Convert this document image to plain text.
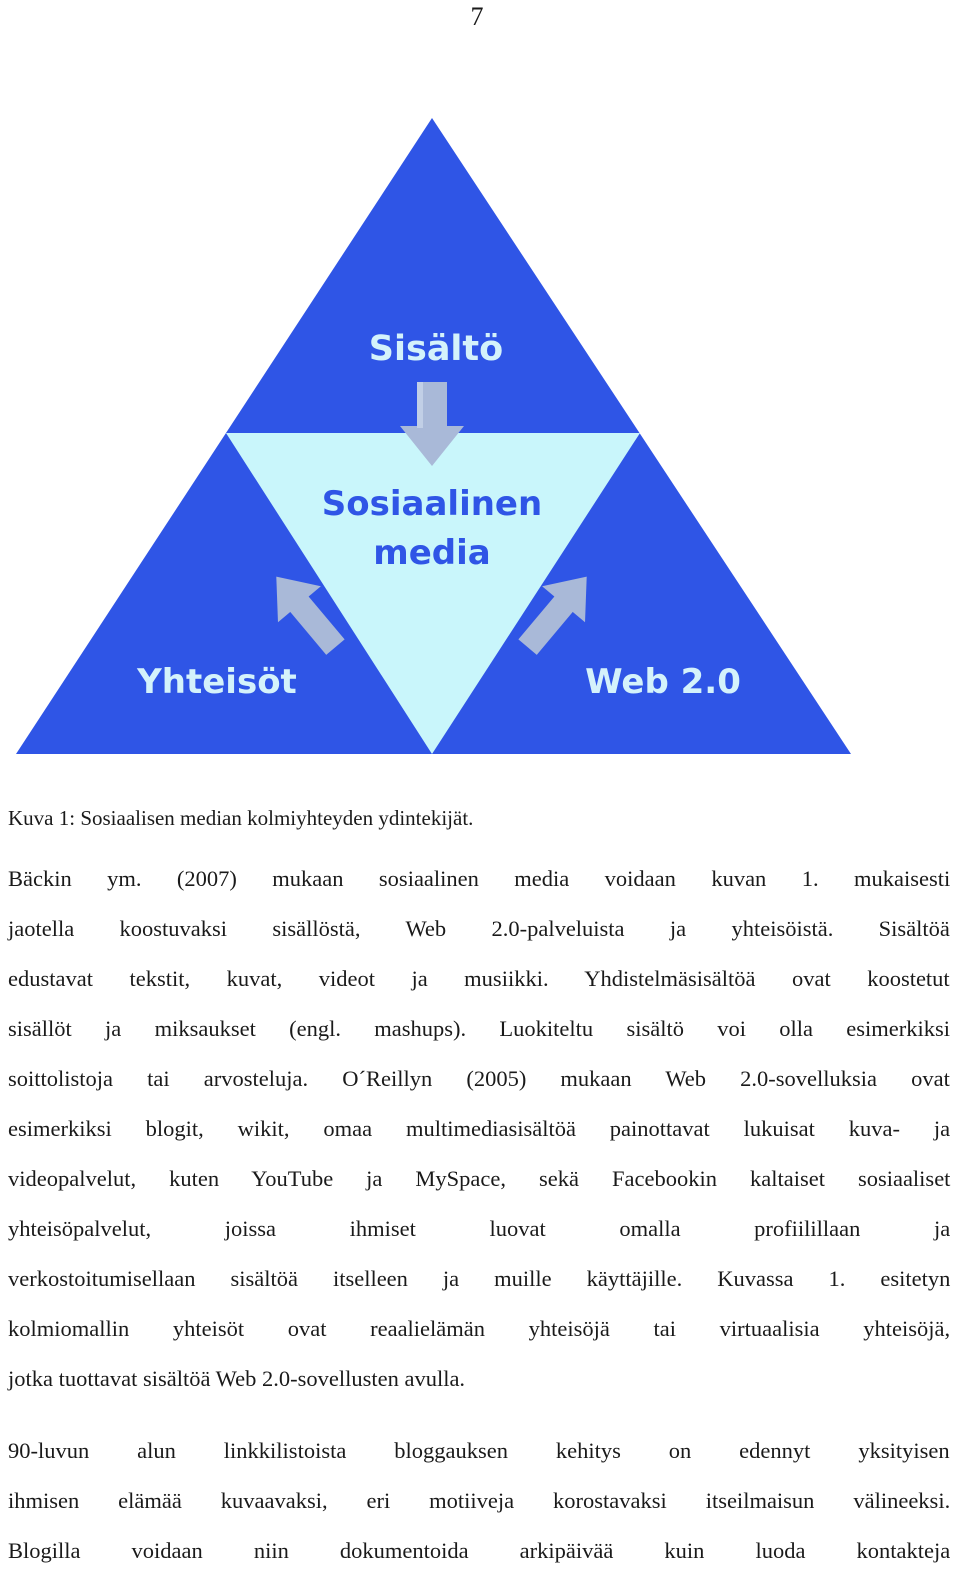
7
Sisältö
Sosiaalinen
media
Yhteisöt	Web 2.0
Kuva 1: Sosiaalisen median kolmiyhteyden ydintekijät.
Bäckin ym. (2007) mukaan sosiaalinen media voidaan kuvan 1. mukaisesti
jaotella koostuvaksi sisällöstä, Web 2.0-palveluista ja yhteisöistä. Sisältöä
edustavat tekstit, kuvat, videot ja musiikki. Yhdistelmäsisältöä ovat koostetut
sisällöt ja miksaukset (engl. mashups). Luokiteltu sisältö voi olla esimerkiksi
soittolistoja tai arvosteluja. O´Reillyn (2005) mukaan Web 2.0-sovelluksia ovat
esimerkiksi blogit, wikit, omaa multimediasisältöä painottavat lukuisat kuva- ja
videopalvelut, kuten YouTube ja MySpace, sekä Facebookin kaltaiset sosiaaliset
yhteisöpalvelut, joissa ihmiset luovat omalla profiilillaan ja
verkostoitumisellaan sisältöä itselleen ja muille käyttäjille. Kuvassa 1. esitetyn
kolmiomallin yhteisöt ovat reaalielämän yhteisöjä tai virtuaalisia yhteisöjä,
jotka tuottavat sisältöä Web 2.0-sovellusten avulla.
90-luvun alun linkkilistoista bloggauksen kehitys on edennyt yksityisen
ihmisen elämää kuvaavaksi, eri motiiveja korostavaksi itseilmaisun välineeksi.
Blogilla voidaan niin dokumentoida arkipäivää kuin luoda kontakteja
